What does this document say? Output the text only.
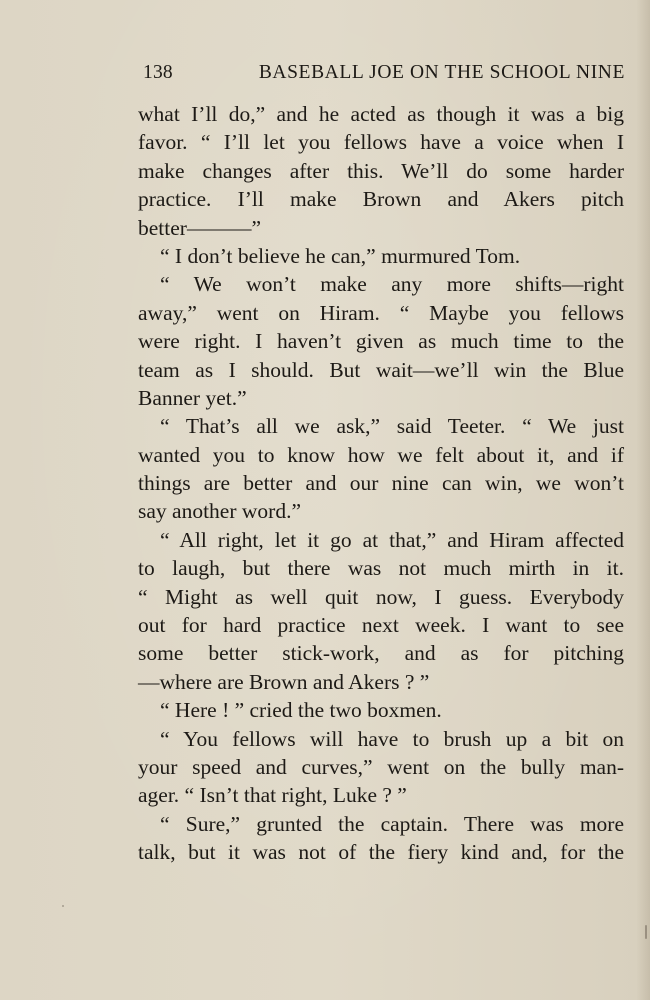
138	BASEBALL JOE ON THE SCHOOL NINE
what I’ll do,” and he acted as though it was a big
favor. “ I’ll let you fellows have a voice when I
make changes after this. We’ll do some harder
practice. I’ll make Brown and Akers pitch
better———”
“ I don’t believe he can,” murmured Tom.
“ We won’t make any more shifts—right
away,” went on Hiram. “ Maybe you fellows
were right. I haven’t given as much time to the
team as I should. But wait—we’ll win the Blue
Banner yet.”
“ That’s all we ask,” said Teeter. “ We just
wanted you to know how we felt about it, and if
things are better and our nine can win, we won’t
say another word.”
“ All right, let it go at that,” and Hiram affected
to laugh, but there was not much mirth in it.
“ Might as well quit now, I guess. Everybody
out for hard practice next week. I want to see
some better stick-work, and as for pitching
—where are Brown and Akers ? ”
“ Here ! ” cried the two boxmen.
“ You fellows will have to brush up a bit on
your speed and curves,” went on the bully man-
ager. “ Isn’t that right, Luke ? ”
“ Sure,” grunted the captain. There was more
talk, but it was not of the fiery kind and, for the
